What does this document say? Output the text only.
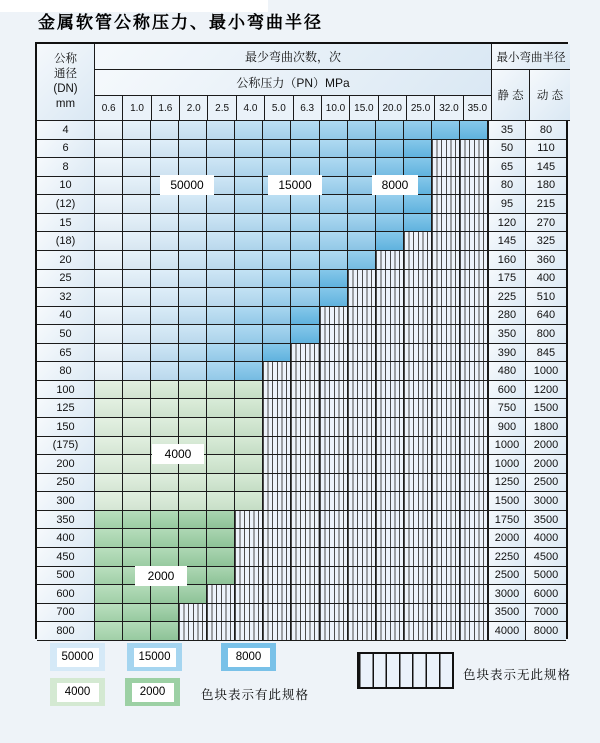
金属软管公称压力、最小弯曲半径
公称
通径
(DN)
mm
最少弯曲次数，次	最小弯曲半径
公称压力（PN）MPa
静 态	动 态
0.6	1.0	1.6	2.0	2.5	4.0	5.0	6.3	10.0 15.0 20.0 25.0 32.0 35.0
4	35	80
6	50	110
8	65	145
10	80	180
(12)	95	215
15	120	270
(18)	145	325
20	160	360
25	175	400
32	225	510
40	280	640
50	350	800
65	390	845
80	480	1000
100	600	1200
125	750	1500
150	900	1800
(175)	1000	2000
200	1000	2000
250	1250	2500
300	1500	3000
350	1750	3500
400	2000	4000
450	2250	4500
500	2500	5000
600	3000	6000
700	3500	7000
800	4000	8000
色块表示有此规格
色块表示无此规格
50000	15000	8000
4000	2000
50000	15000	8000
4000
2000
